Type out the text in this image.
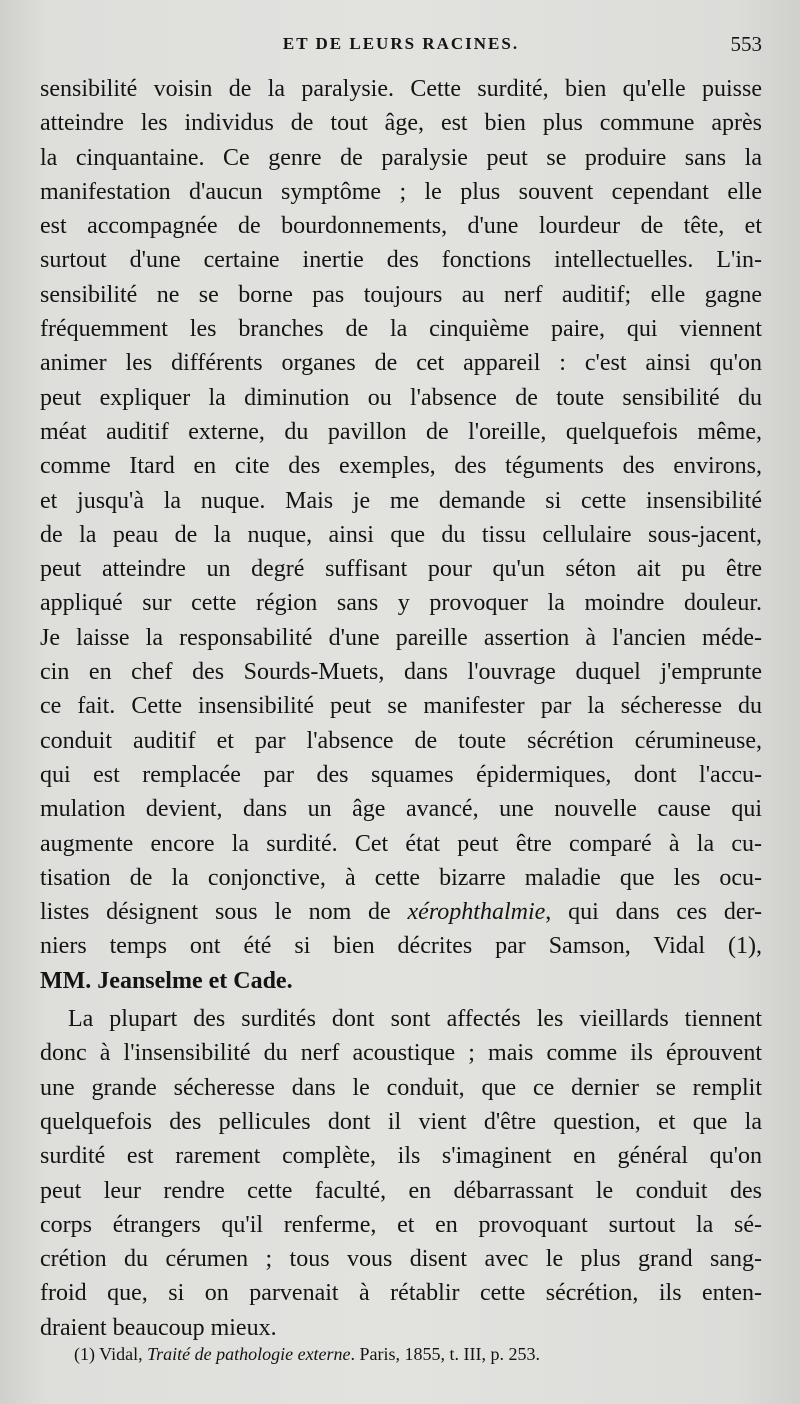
ET DE LEURS RACINES.	553
sensibilité voisin de la paralysie. Cette surdité, bien qu'elle puisse
atteindre les individus de tout âge, est bien plus commune après
la cinquantaine. Ce genre de paralysie peut se produire sans la
manifestation d'aucun symptôme ; le plus souvent cependant elle
est accompagnée de bourdonnements, d'une lourdeur de tête, et
surtout d'une certaine inertie des fonctions intellectuelles. L'in-
sensibilité ne se borne pas toujours au nerf auditif; elle gagne
fréquemment les branches de la cinquième paire, qui viennent
animer les différents organes de cet appareil : c'est ainsi qu'on
peut expliquer la diminution ou l'absence de toute sensibilité du
méat auditif externe, du pavillon de l'oreille, quelquefois même,
comme Itard en cite des exemples, des téguments des environs,
et jusqu'à la nuque. Mais je me demande si cette insensibilité
de la peau de la nuque, ainsi que du tissu cellulaire sous-jacent,
peut atteindre un degré suffisant pour qu'un séton ait pu être
appliqué sur cette région sans y provoquer la moindre douleur.
Je laisse la responsabilité d'une pareille assertion à l'ancien méde-
cin en chef des Sourds-Muets, dans l'ouvrage duquel j'emprunte
ce fait. Cette insensibilité peut se manifester par la sécheresse du
conduit auditif et par l'absence de toute sécrétion cérumineuse,
qui est remplacée par des squames épidermiques, dont l'accu-
mulation devient, dans un âge avancé, une nouvelle cause qui
augmente encore la surdité. Cet état peut être comparé à la cu-
tisation de la conjonctive, à cette bizarre maladie que les ocu-
listes désignent sous le nom de xérophthalmie, qui dans ces der-
niers temps ont été si bien décrites par Samson, Vidal (1),
MM. Jeanselme et Cade.
La plupart des surdités dont sont affectés les vieillards tiennent
donc à l'insensibilité du nerf acoustique ; mais comme ils éprouvent
une grande sécheresse dans le conduit, que ce dernier se remplit
quelquefois des pellicules dont il vient d'être question, et que la
surdité est rarement complète, ils s'imaginent en général qu'on
peut leur rendre cette faculté, en débarrassant le conduit des
corps étrangers qu'il renferme, et en provoquant surtout la sé-
crétion du cérumen ; tous vous disent avec le plus grand sang-
froid que, si on parvenait à rétablir cette sécrétion, ils enten-
draient beaucoup mieux.
(1) Vidal, Traité de pathologie externe. Paris, 1855, t. III, p. 253.
